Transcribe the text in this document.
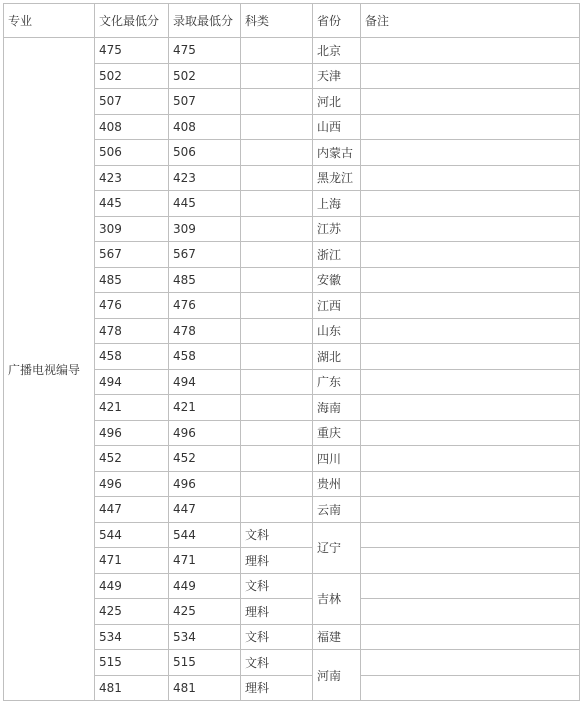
专业	文化最低分	录取最低分	科类	省份	备注
广播电视编导	475	475		北京	
	502	502		天津	
	507	507		河北	
	408	408		山西	
	506	506		内蒙古	
	423	423		黑龙江	
	445	445		上海	
	309	309		江苏	
	567	567		浙江	
	485	485		安徽	
	476	476		江西	
	478	478		山东	
	458	458		湖北	
	494	494		广东	
	421	421		海南	
	496	496		重庆	
	452	452		四川	
	496	496		贵州	
	447	447		云南	
	544	544	文科	辽宁	
	471	471	理科		
	449	449	文科	吉林	
	425	425	理科		
	534	534	文科	福建	
	515	515	文科	河南	
	481	481	理科		
